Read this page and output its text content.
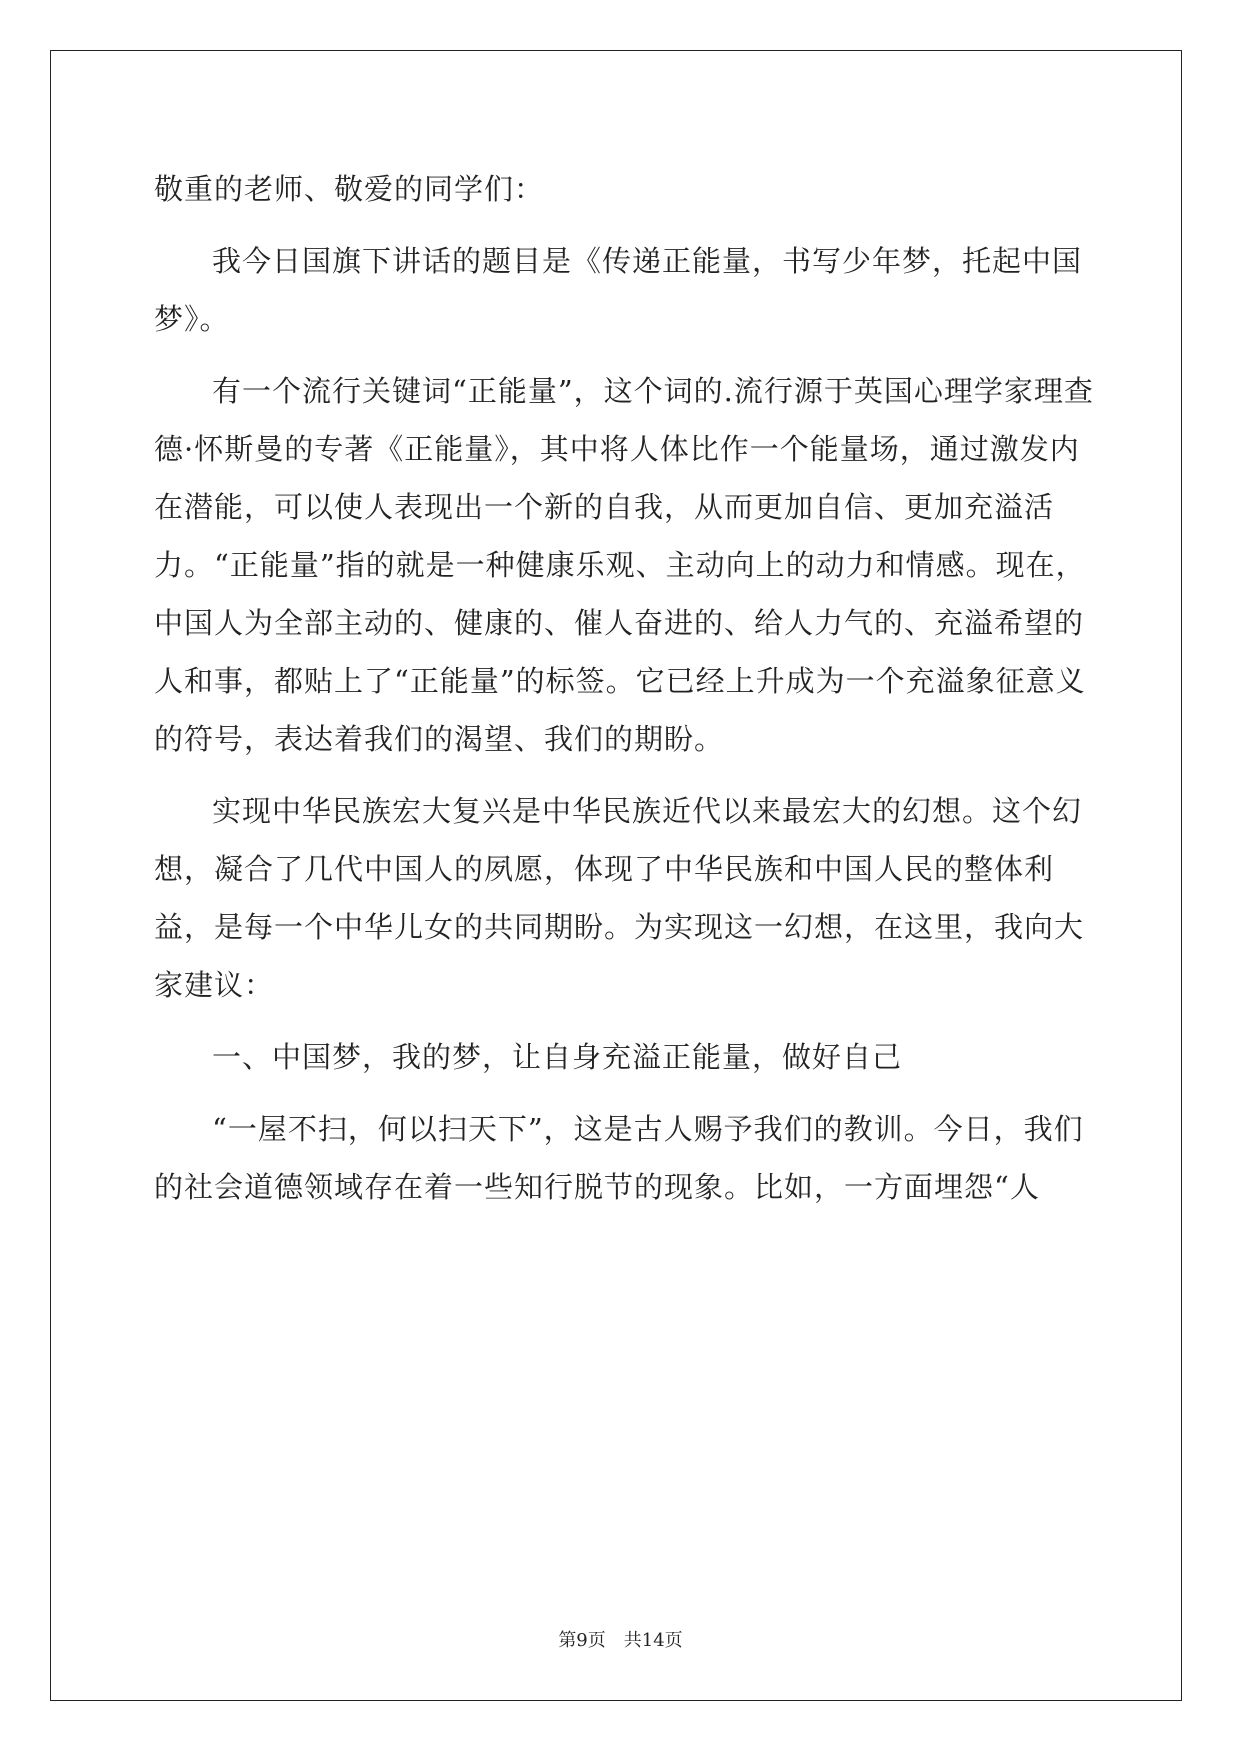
敬重的老师、敬爱的同学们：

我今日国旗下讲话的题目是《传递正能量，书写少年梦，托起中国梦》。

有一个流行关键词“正能量”，这个词的.流行源于英国心理学家理查德·怀斯曼的专著《正能量》，其中将人体比作一个能量场，通过激发内在潜能，可以使人表现出一个新的自我，从而更加自信、更加充溢活力。“正能量”指的就是一种健康乐观、主动向上的动力和情感。现在，中国人为全部主动的、健康的、催人奋进的、给人力气的、充溢希望的人和事，都贴上了“正能量”的标签。它已经上升成为一个充溢象征意义的符号，表达着我们的渴望、我们的期盼。

实现中华民族宏大复兴是中华民族近代以来最宏大的幻想。这个幻想，凝合了几代中国人的夙愿，体现了中华民族和中国人民的整体利益，是每一个中华儿女的共同期盼。为实现这一幻想，在这里，我向大家建议：

一、中国梦，我的梦，让自身充溢正能量，做好自己

“一屋不扫，何以扫天下”，这是古人赐予我们的教训。今日，我们的社会道德领域存在着一些知行脱节的现象。比如，一方面埋怨“人

第9页　共14页
